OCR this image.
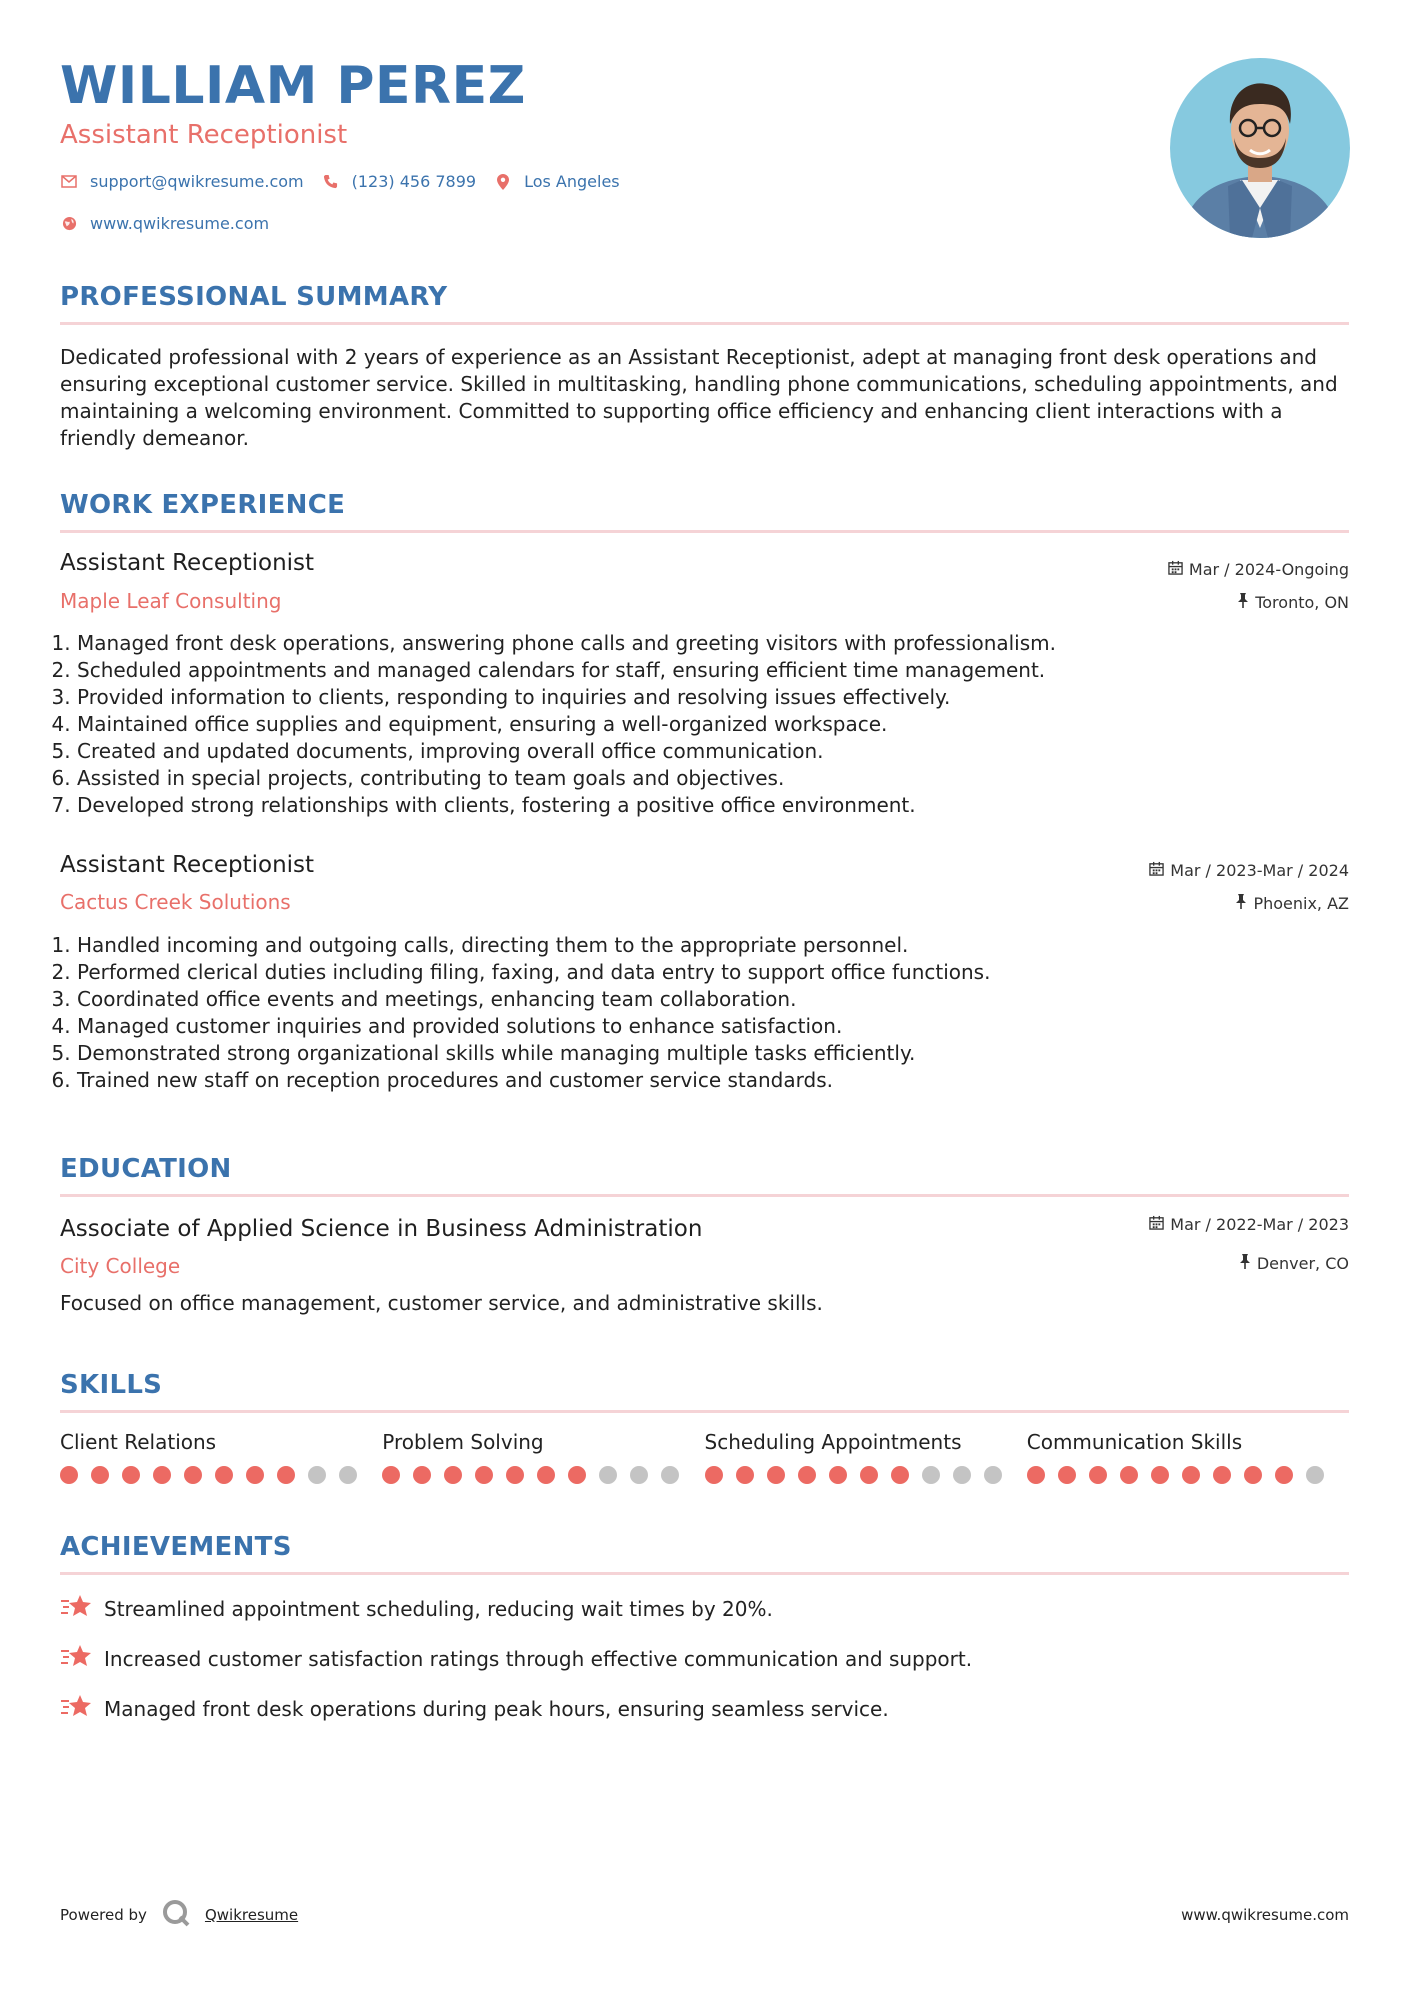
WILLIAM PEREZ
Assistant Receptionist
support@qwikresume.com	(123) 456 7899	Los Angeles
www.qwikresume.com
PROFESSIONAL SUMMARY
Dedicated professional with 2 years of experience as an Assistant Receptionist, adept at managing front desk operations and ensuring exceptional customer service. Skilled in multitasking, handling phone communications, scheduling appointments, and maintaining a welcoming environment. Committed to supporting office efficiency and enhancing client interactions with a friendly demeanor.
WORK EXPERIENCE
Assistant Receptionist
Maple Leaf Consulting
Mar / 2024-Ongoing
Toronto, ON
1. Managed front desk operations, answering phone calls and greeting visitors with professionalism.
2. Scheduled appointments and managed calendars for staff, ensuring efficient time management.
3. Provided information to clients, responding to inquiries and resolving issues effectively.
4. Maintained office supplies and equipment, ensuring a well-organized workspace.
5. Created and updated documents, improving overall office communication.
6. Assisted in special projects, contributing to team goals and objectives.
7. Developed strong relationships with clients, fostering a positive office environment.
Assistant Receptionist
Cactus Creek Solutions
Mar / 2023-Mar / 2024
Phoenix, AZ
1. Handled incoming and outgoing calls, directing them to the appropriate personnel.
2. Performed clerical duties including filing, faxing, and data entry to support office functions.
3. Coordinated office events and meetings, enhancing team collaboration.
4. Managed customer inquiries and provided solutions to enhance satisfaction.
5. Demonstrated strong organizational skills while managing multiple tasks efficiently.
6. Trained new staff on reception procedures and customer service standards.
EDUCATION
Associate of Applied Science in Business Administration
City College
Mar / 2022-Mar / 2023
Denver, CO
Focused on office management, customer service, and administrative skills.
SKILLS
Client Relations	Problem Solving	Scheduling Appointments	Communication Skills
ACHIEVEMENTS
Streamlined appointment scheduling, reducing wait times by 20%.
Increased customer satisfaction ratings through effective communication and support.
Managed front desk operations during peak hours, ensuring seamless service.
Powered by	Qwikresume	www.qwikresume.com
